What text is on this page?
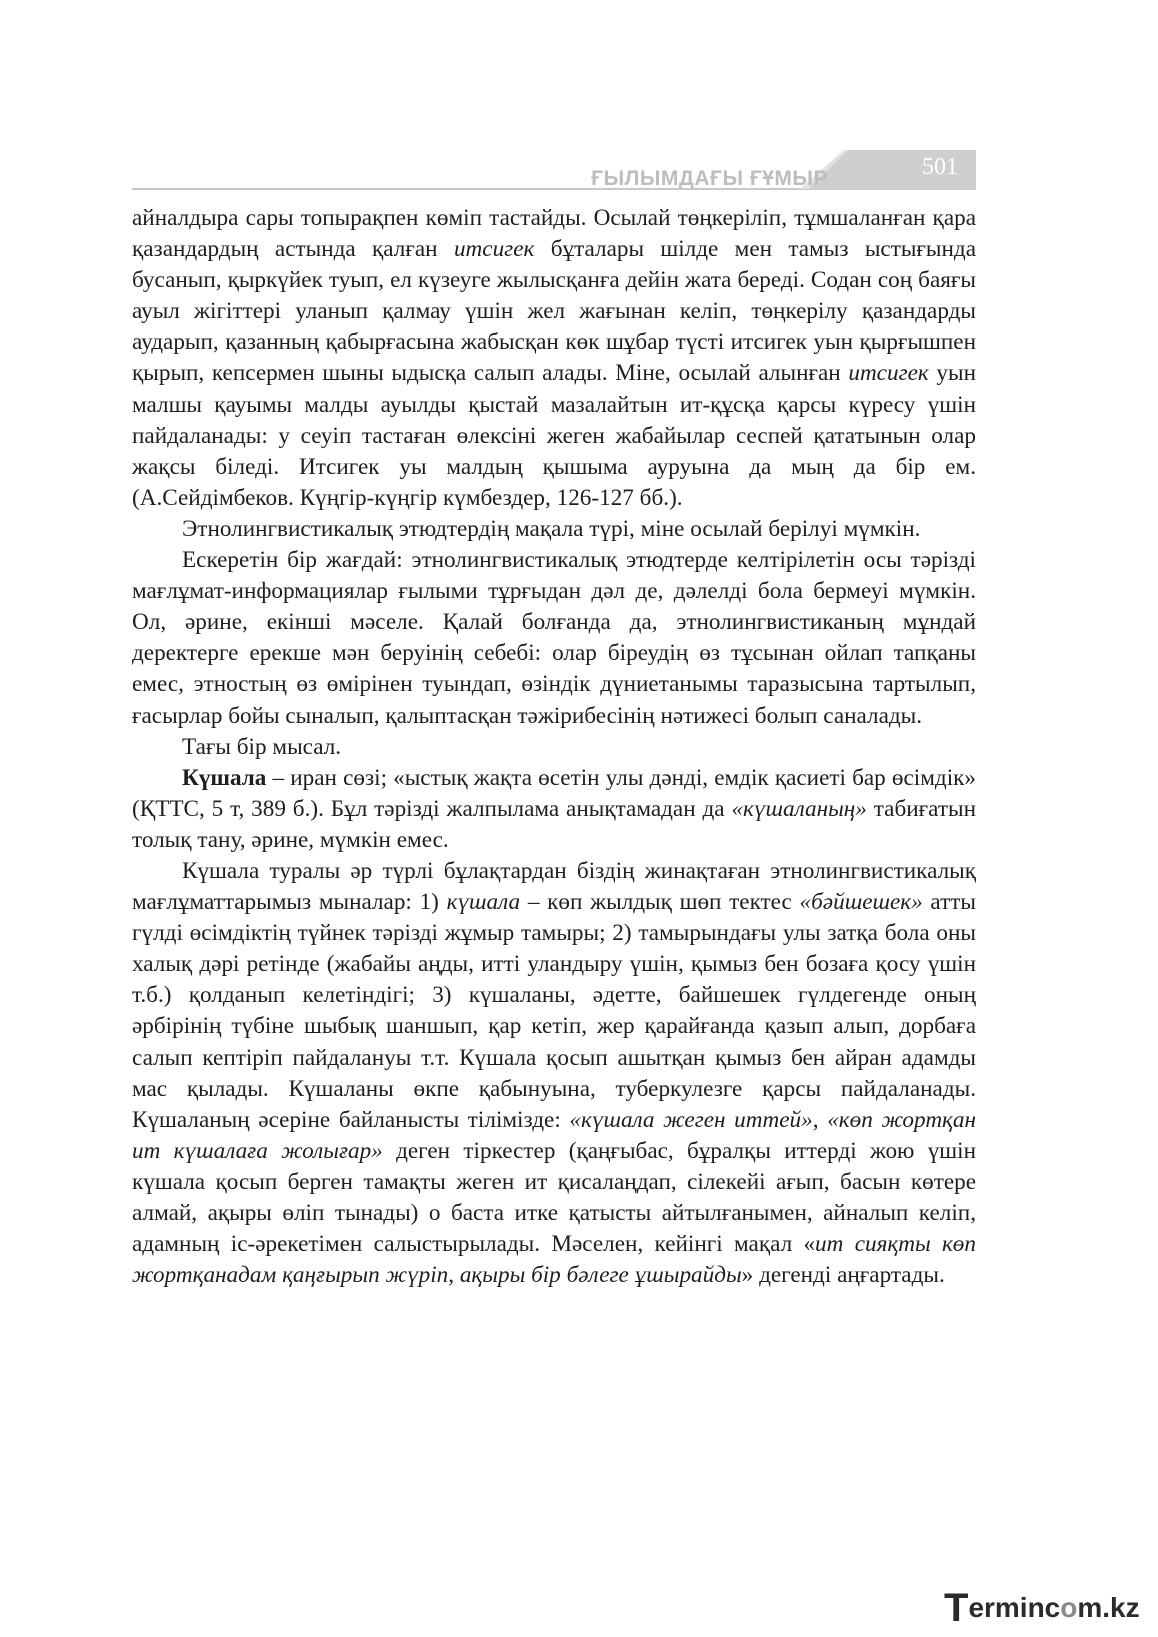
ҒЫЛЫМДАҒЫ ҒҰМЫР	501

айналдыра сары топырақпен көміп тастайды. Осылай төңкеріліп, тұмшаланған қара қазандардың астында қалған итсигек бұталары шілде мен тамыз ыстығында бусанып, қыркүйек туып, ел күзеуге жылысқанға дейін жата береді. Содан соң баяғы ауыл жігіттері уланып қалмау үшін жел жағынан келіп, төңкерілу қазандарды аударып, қазанның қабырғасына жабысқан көк шұбар түсті итсигек уын қырғышпен қырып, кепсермен шыны ыдысқа салып алады. Міне, осылай алынған итсигек уын малшы қауымы малды ауылды қыстай мазалайтын ит-құсқа қарсы күресу үшін пайдаланады: у сеуіп тастаған өлексіні жеген жабайылар сеспей қататынын олар жақсы біледі. Итсигек уы малдың қышыма ауруына да мың да бір ем. (А.Сейдімбеков. Күңгір-күңгір күмбездер, 126-127 бб.).

Этнолингвистикалық этюдтердің мақала түрі, міне осылай берілуі мүмкін.

Ескеретін бір жағдай: этнолингвистикалық этюдтерде келтірілетін осы тәрізді мағлұмат-информациялар ғылыми тұрғыдан дәл де, дәлелді бола бермеуі мүмкін. Ол, әрине, екінші мәселе. Қалай болғанда да, этнолингвистиканың мұндай деректерге ерекше мән беруінің себебі: олар біреудің өз тұсынан ойлап тапқаны емес, этностың өз өмірінен туындап, өзіндік дүниетанымы таразысына тартылып, ғасырлар бойы сыналып, қалыптасқан тәжірибесінің нәтижесі болып саналады.

Тағы бір мысал.

Күшала – иран сөзі; «ыстық жақта өсетін улы дәнді, емдік қасиеті бар өсімдік» (ҚТТС, 5 т, 389 б.). Бұл тәрізді жалпылама анықтамадан да «күшаланың» табиғатын толық тану, әрине, мүмкін емес.

Күшала туралы әр түрлі бұлақтардан біздің жинақтаған этнолингвистикалық мағлұматтарымыз мыналар: 1) күшала – көп жылдық шөп тектес «бәйшешек» атты гүлді өсімдіктің түйнек тәрізді жұмыр тамыры; 2) тамырындағы улы затқа бола оны халық дәрі ретінде (жабайы аңды, итті уландыру үшін, қымыз бен бозаға қосу үшін т.б.) қолданып келетіндігі; 3) күшаланы, әдетте, байшешек гүлдегенде оның әрбірінің түбіне шыбық шаншып, қар кетіп, жер қарайғанда қазып алып, дорбаға салып кептіріп пайдалануы т.т. Күшала қосып ашытқан қымыз бен айран адамды мас қылады. Күшаланы өкпе қабынуына, туберкулезге қарсы пайдаланады. Күшаланың әсеріне байланысты тілімізде: «күшала жеген иттей», «көп жортқан ит күшалаға жолығар» деген тіркестер (қаңғыбас, бұралқы иттерді жою үшін күшала қосып берген тамақты жеген ит қисалаңдап, сілекейі ағып, басын көтере алмай, ақыры өліп тынады) о баста итке қатысты айтылғанымен, айналып келіп, адамның іс-әрекетімен салыстырылады. Мәселен, кейінгі мақал «ит сияқты көп жортқанадам қаңғырып жүріп, ақыры бір бәлеге ұшырайды» дегенді аңғартады.

Termincom.kz
